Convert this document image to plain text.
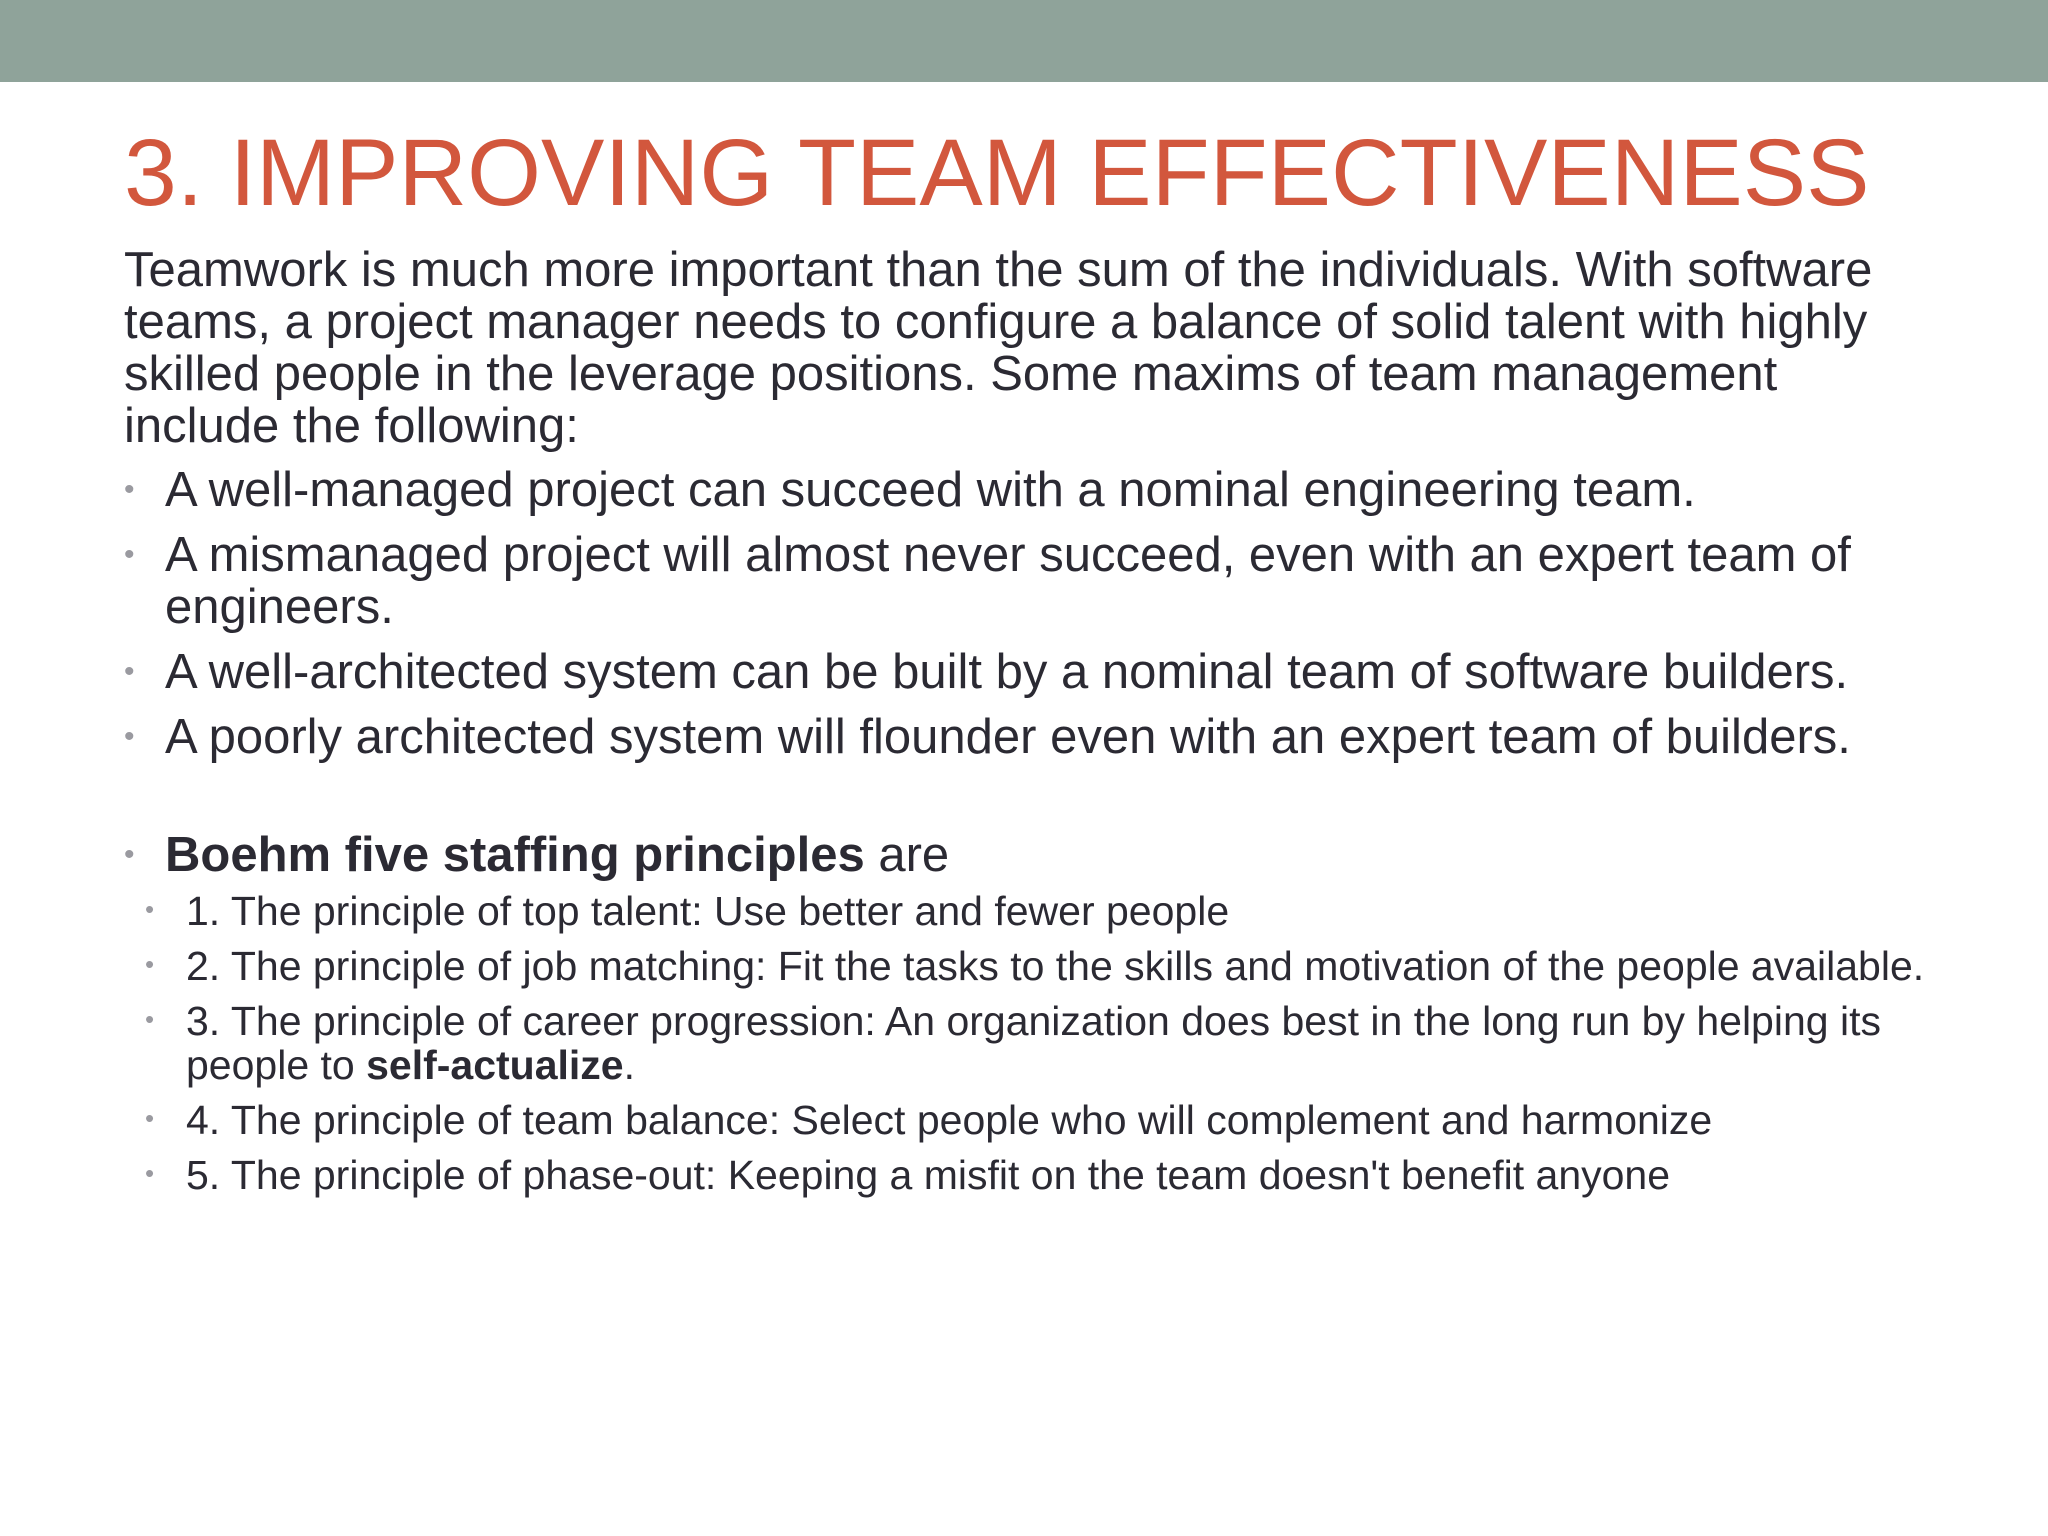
3. IMPROVING TEAM EFFECTIVENESS

Teamwork is much more important than the sum of the individuals. With software teams, a project manager needs to configure a balance of solid talent with highly skilled people in the leverage positions. Some maxims of team management include the following:

• A well-managed project can succeed with a nominal engineering team.
• A mismanaged project will almost never succeed, even with an expert team of engineers.
• A well-architected system can be built by a nominal team of software builders.
• A poorly architected system will flounder even with an expert team of builders.
• Boehm five staffing principles are
• 1. The principle of top talent: Use better and fewer people
• 2. The principle of job matching: Fit the tasks to the skills and motivation of the people available.
• 3. The principle of career progression: An organization does best in the long run by helping its people to self-actualize.
• 4. The principle of team balance: Select people who will complement and harmonize
• 5. The principle of phase-out: Keeping a misfit on the team doesn't benefit anyone
